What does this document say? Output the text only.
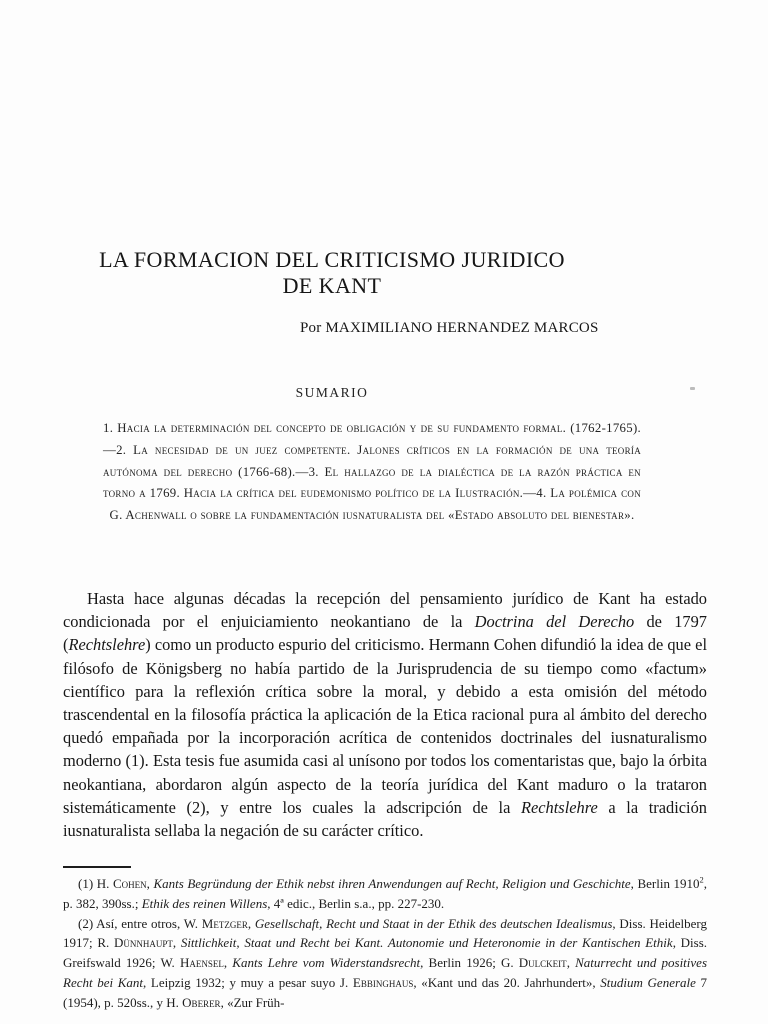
LA FORMACION DEL CRITICISMO JURIDICO
DE KANT
Por MAXIMILIANO HERNANDEZ MARCOS
SUMARIO
1. Hacia la determinación del concepto de obligación y de su fundamento formal. (1762-1765).—2. La necesidad de un juez competente. Jalones críticos en la formación de una teoría autónoma del derecho (1766-68).—3. El hallazgo de la dialéctica de la razón práctica en torno a 1769. Hacia la crítica del eudemonismo político de la Ilustración.—4. La polémica con G. Achenwall o sobre la fundamentación iusnaturalista del «Estado absoluto del bienestar».

Hasta hace algunas décadas la recepción del pensamiento jurídico de Kant ha estado condicionada por el enjuiciamiento neokantiano de la Doctrina del Derecho de 1797 (Rechtslehre) como un producto espurio del criticismo. Hermann Cohen difundió la idea de que el filósofo de Königsberg no había partido de la Jurisprudencia de su tiempo como «factum» científico para la reflexión crítica sobre la moral, y debido a esta omisión del método trascendental en la filosofía práctica la aplicación de la Etica racional pura al ámbito del derecho quedó empañada por la incorporación acrítica de contenidos doctrinales del iusnaturalismo moderno (1). Esta tesis fue asumida casi al unísono por todos los comentaristas que, bajo la órbita neokantiana, abordaron algún aspecto de la teoría jurídica del Kant maduro o la trataron sistemáticamente (2), y entre los cuales la adscripción de la Rechtslehre a la tradición iusnaturalista sellaba la negación de su carácter crítico.

(1) H. Cohen, Kants Begründung der Ethik nebst ihren Anwendungen auf Recht, Religion und Geschichte, Berlin 1910$^2$, p. 382, 390ss.; Ethik des reinen Willens, 4ª edic., Berlin s.a., pp. 227-230.

(2) Así, entre otros, W. Metzger, Gesellschaft, Recht und Staat in der Ethik des deutschen Idealismus, Diss. Heidelberg 1917; R. Dünnhaupt, Sittlichkeit, Staat und Recht bei Kant. Autonomie und Heteronomie in der Kantischen Ethik, Diss. Greifswald 1926; W. Haensel, Kants Lehre vom Widerstandsrecht, Berlin 1926; G. Dulckeit, Naturrecht und positives Recht bei Kant, Leipzig 1932; y muy a pesar suyo J. Ebbinghaus, «Kant und das 20. Jahrhundert», Studium Generale 7 (1954), p. 520ss., y H. Oberer, «Zur Früh-
